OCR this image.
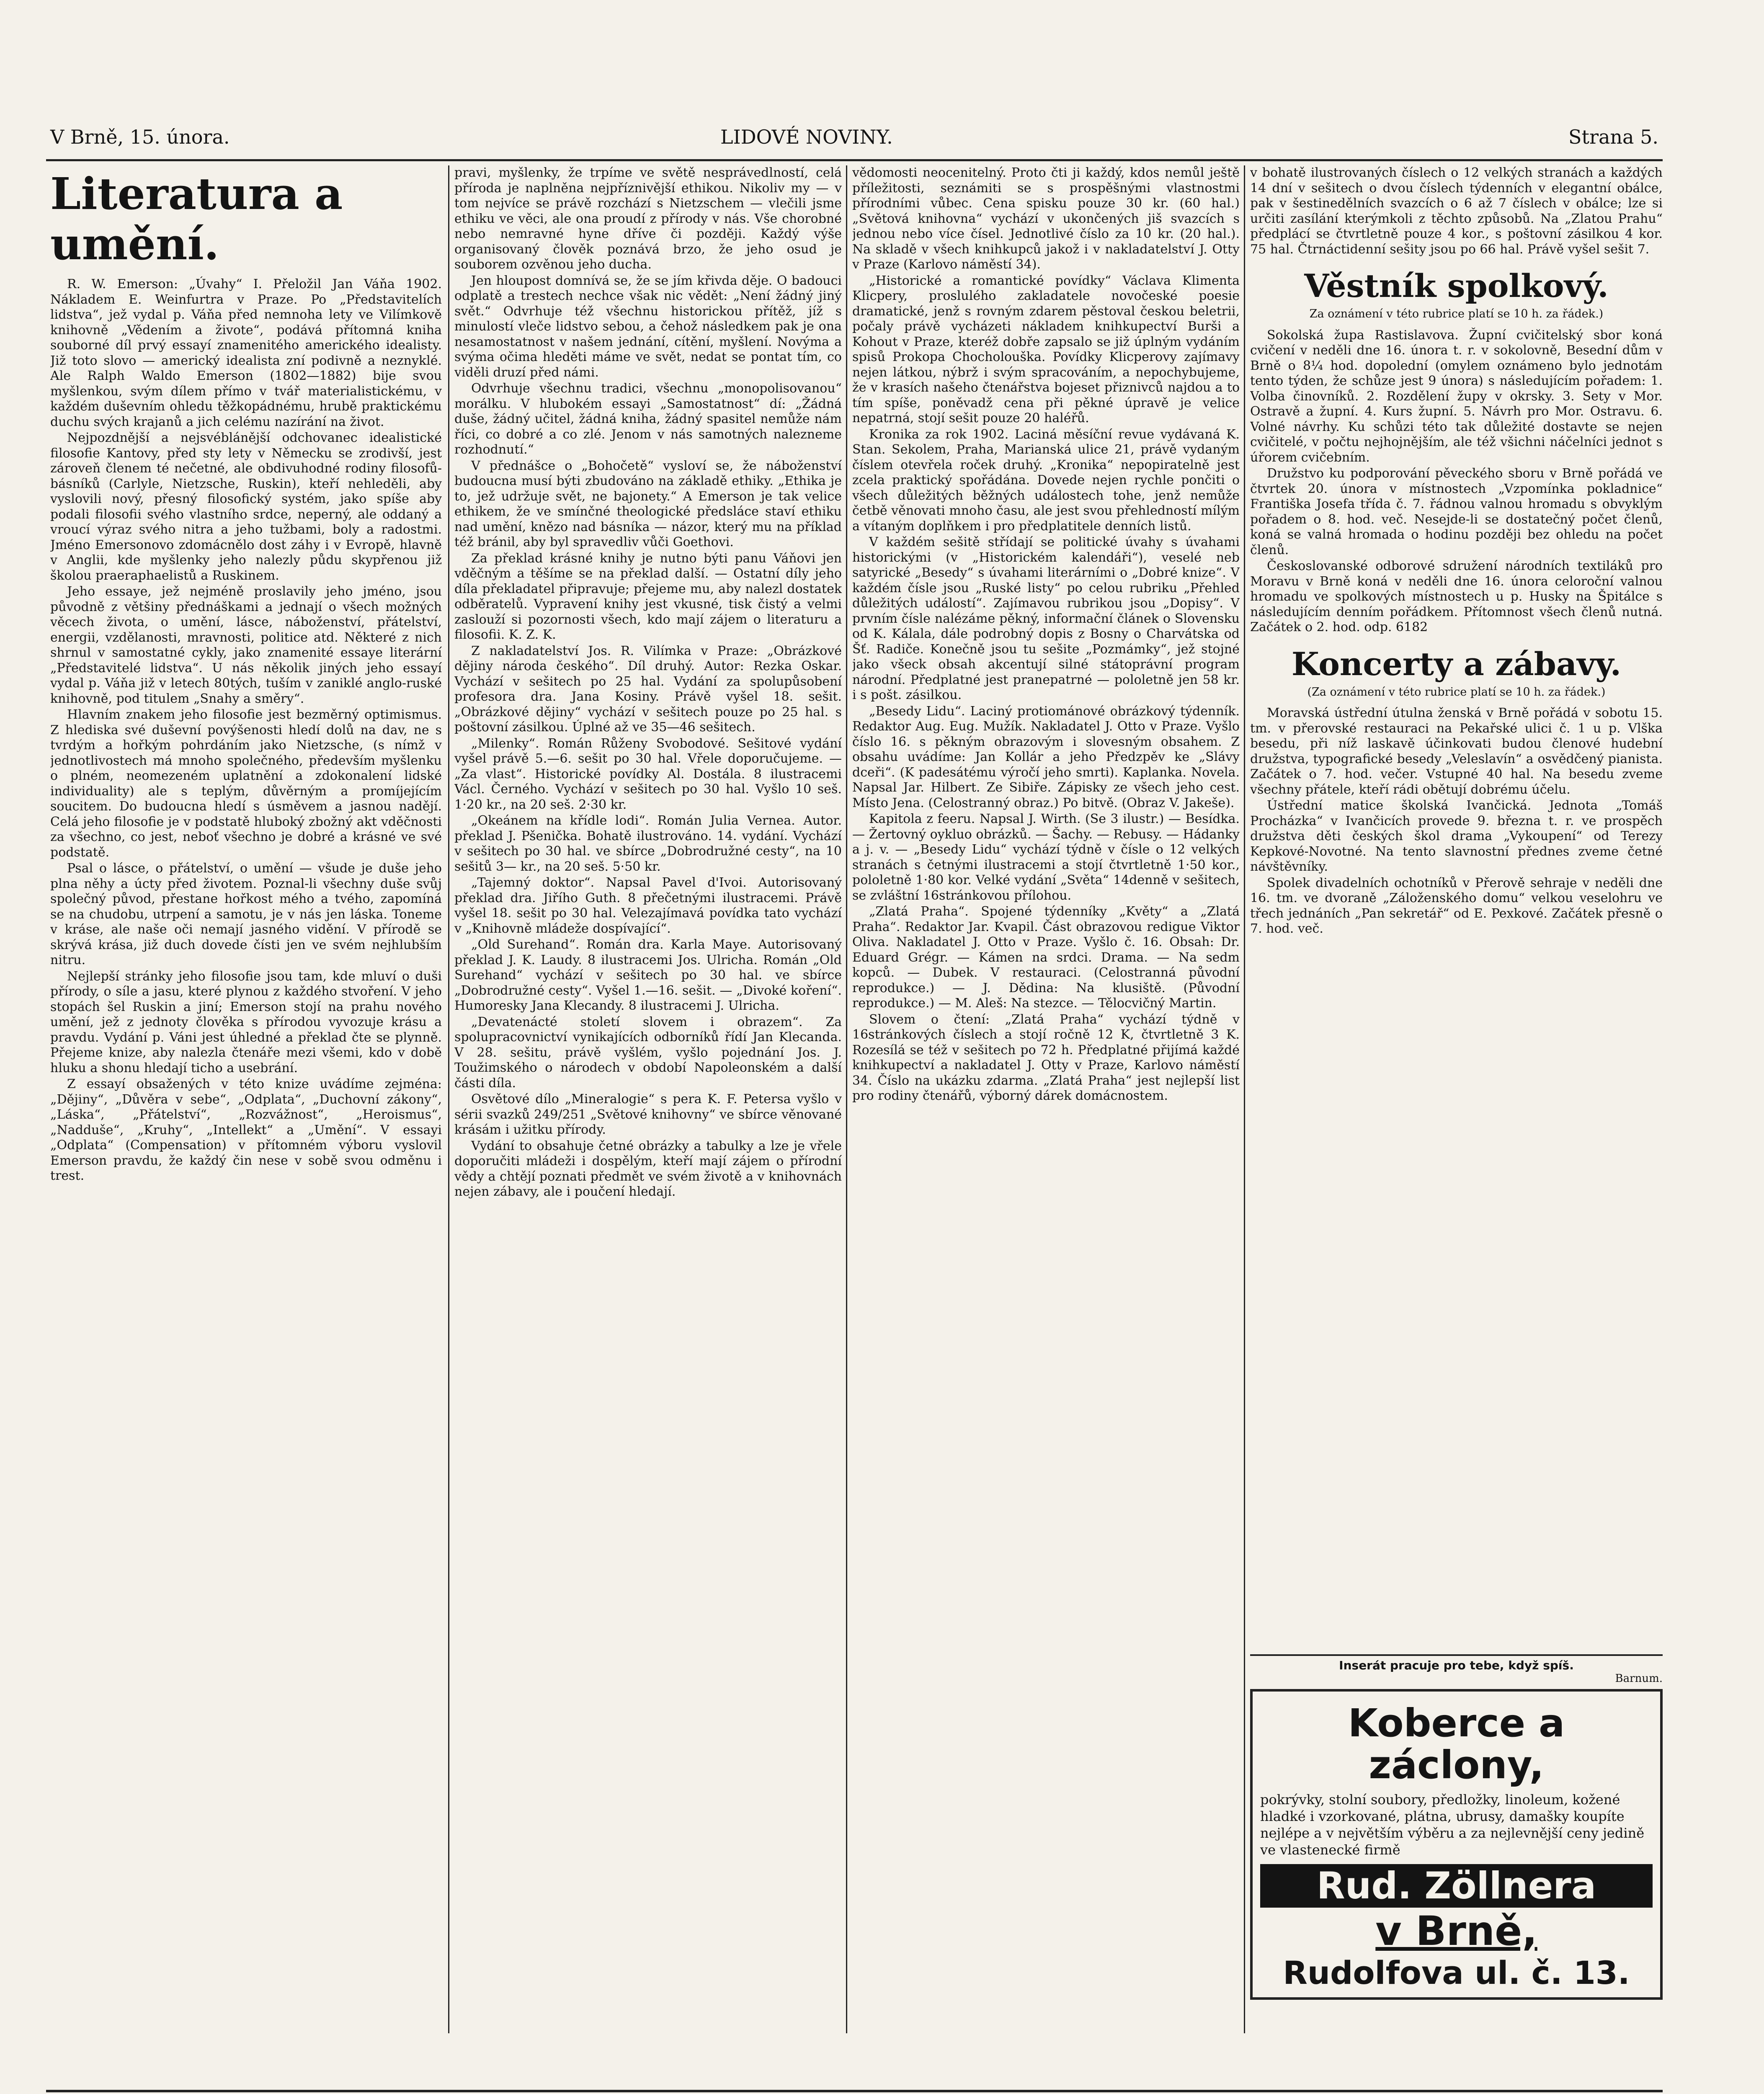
V Brně, 15. února.	LIDOVÉ NOVINY.	Strana 5.
Literatura a umění.

R. W. Emerson: „Úvahy“ I. Přeložil Jan Váňa 1902. Nákladem E. Weinfurtra v Praze. Po „Představitelích lidstva“, jež vydal p. Váňa před nemnoha lety ve Vilímkově knihovně „Vědením a živote“, podává přítomná kniha souborné díl prvý essayí znamenitého amerického idealisty. Již toto slovo — americký idealista zní podivně a neznyklé. Ale Ralph Waldo Emerson (1802—1882) bije svou myšlenkou, svým dílem přímo v tvář materialistickému, v každém duševním ohledu těžkopádnému, hrubě praktickému duchu svých krajanů a jich celému nazírání na život.

Nejpozdnější a nejsvéblánější odchovanec idealistické filosofie Kantovy, před sty lety v Německu se zrodivší, jest zároveň členem té nečetné, ale obdivuhodné rodiny filosofů-básníků (Carlyle, Nietzsche, Ruskin), kteří nehleděli, aby vyslovili nový, přesný filosofický systém, jako spíše aby podali filosofii svého vlastního srdce, neperný, ale oddaný a vroucí výraz svého nitra a jeho tužbami, boly a radostmi. Jméno Emersonovo zdomácnělo dost záhy i v Evropě, hlavně v Anglii, kde myšlenky jeho nalezly půdu skypřenou již školou praeraphaelistů a Ruskinem.

Jeho essaye, jež nejméně proslavily jeho jméno, jsou původně z většiny přednáškami a jednají o všech možných věcech života, o umění, lásce, náboženství, přátelství, energii, vzdělanosti, mravnosti, politice atd. Některé z nich shrnul v samostatné cykly, jako znamenité essaye literární „Představitelé lidstva“. U nás několik jiných jeho essayí vydal p. Váňa již v letech 80tých, tuším v zaniklé anglo-ruské knihovně, pod titulem „Snahy a směry“.

Hlavním znakem jeho filosofie jest bezměrný optimismus. Z hlediska své duševní povýšenosti hledí dolů na dav, ne s tvrdým a hořkým pohrdáním jako Nietzsche, (s nímž v jednotlivostech má mnoho společného, především myšlenku o plném, neomezeném uplatnění a zdokonalení lidské individuality) ale s teplým, důvěrným a promíjejícím soucitem. Do budoucna hledí s úsměvem a jasnou nadějí. Celá jeho filosofie je v podstatě hluboký zbožný akt vděčnosti za všechno, co jest, neboť všechno je dobré a krásné ve své podstatě.

Psal o lásce, o přátelství, o umění — všude je duše jeho plna něhy a úcty před životem. Poznal-li všechny duše svůj společný původ, přestane hořkost mého a tvého, zapomíná se na chudobu, utrpení a samotu, je v nás jen láska. Toneme v kráse, ale naše oči nemají jasného vidění. V přírodě se skrývá krása, již duch dovede čísti jen ve svém nejhlubším nitru.

Nejlepší stránky jeho filosofie jsou tam, kde mluví o duši přírody, o síle a jasu, které plynou z každého stvoření. V jeho stopách šel Ruskin a jiní; Emerson stojí na prahu nového umění, jež z jednoty člověka s přírodou vyvozuje krásu a pravdu. Vydání p. Váni jest úhledné a překlad čte se plynně. Přejeme knize, aby nalezla čtenáře mezi všemi, kdo v době hluku a shonu hledají ticho a usebrání.

Z essayí obsažených v této knize uvádíme zejména: „Dějiny“, „Důvěra v sebe“, „Odplata“, „Duchovní zákony“, „Láska“, „Přátelství“, „Rozvážnost“, „Heroismus“, „Nadduše“, „Kruhy“, „Intellekt“ a „Umění“. V essayi „Odplata“ (Compensation) v přítomném výboru vyslovil Emerson pravdu, že každý čin nese v sobě svou odměnu i trest.

pravi, myšlenky, že trpíme ve světě nesprávedlností, celá příroda je naplněna nejpříznivější ethikou. Nikoliv my — v tom nejvíce se právě rozchází s Nietzschem — vlečili jsme ethiku ve věci, ale ona proudí z přírody v nás. Vše chorobné nebo nemravné hyne dříve či později. Každý výše organisovaný člověk poznává brzo, že jeho osud je souborem ozvěnou jeho ducha.

Jen hloupost domnívá se, že se jím křivda děje. O badouci odplatě a trestech nechce však nic vědět: „Není žádný jiný svět.“ Odvrhuje též všechnu historickou přítěž, jíž s minulostí vleče lidstvo sebou, a čehož následkem pak je ona nesamostatnost v našem jednání, cítění, myšlení. Novýma a svýma očima hleděti máme ve svět, nedat se pontat tím, co viděli druzí před námi.

Odvrhuje všechnu tradici, všechnu „monopolisovanou“ morálku. V hlubokém essayi „Samostatnost“ dí: „Žádná duše, žádný učitel, žádná kniha, žádný spasitel nemůže nám říci, co dobré a co zlé. Jenom v nás samotných nalezneme rozhodnutí.“

V přednášce o „Bohočetě“ vysloví se, že náboženství budoucna musí býti zbudováno na základě ethiky. „Ethika je to, jež udržuje svět, ne bajonety.“ A Emerson je tak velice ethikem, že ve smínčné theologické předsláce staví ethiku nad umění, knězo nad básníka — názor, který mu na příklad též bránil, aby byl spravedliv vůči Goethovi.

Za překlad krásné knihy je nutno býti panu Váňovi jen vděčným a těšíme se na překlad další. — Ostatní díly jeho díla překladatel připravuje; přejeme mu, aby nalezl dostatek odběratelů. Vypravení knihy jest vkusné, tisk čistý a velmi zaslouží si pozornosti všech, kdo mají zájem o literaturu a filosofii. K. Z. K.

Z nakladatelství Jos. R. Vilímka v Praze: „Obrázkové dějiny národa českého“. Díl druhý. Autor: Rezka Oskar. Vychází v sešitech po 25 hal. Vydání za spolupůsobení profesora dra. Jana Kosiny. Právě vyšel 18. sešit. „Obrázkové dějiny“ vychází v sešitech pouze po 25 hal. s poštovní zásilkou. Úplné až ve 35—46 sešitech.

„Milenky“. Román Růženy Svobodové. Sešitové vydání vyšel právě 5.—6. sešit po 30 hal. Vřele doporučujeme. — „Za vlast“. Historické povídky Al. Dostála. 8 ilustracemi Václ. Černého. Vychází v sešitech po 30 hal. Vyšlo 10 seš. 1·20 kr., na 20 seš. 2·30 kr.

„Okeánem na křídle lodi“. Román Julia Vernea. Autor. překlad J. Pšenička. Bohatě ilustrováno. 14. vydání. Vychází v sešitech po 30 hal. ve sbírce „Dobrodružné cesty“, na 10 sešitů 3— kr., na 20 seš. 5·50 kr.

„Tajemný doktor“. Napsal Pavel d'Ivoi. Autorisovaný překlad dra. Jiřího Guth. 8 přečetnými ilustracemi. Právě vyšel 18. sešit po 30 hal. Velezajímavá povídka tato vychází v „Knihovně mládeže dospívající“.

„Old Surehand“. Román dra. Karla Maye. Autorisovaný překlad J. K. Laudy. 8 ilustracemi Jos. Ulricha. Román „Old Surehand“ vychází v sešitech po 30 hal. ve sbírce „Dobrodružné cesty“. Vyšel 1.—16. sešit. — „Divoké koření“. Humoresky Jana Klecandy. 8 ilustracemi J. Ulricha.

„Devatenácté století slovem i obrazem“. Za spolupracovnictví vynikajících odborníků řídí Jan Klecanda. V 28. sešitu, právě vyšlém, vyšlo pojednání Jos. J. Toužimského o národech v období Napoleonském a další části díla.

Osvětové dílo „Mineralogie“ s pera K. F. Petersa vyšlo v sérii svazků 249/251 „Světové knihovny“ ve sbírce věnované krásám i užitku přírody.

Vydání to obsahuje četné obrázky a tabulky a lze je vřele doporučiti mládeži i dospělým, kteří mají zájem o přírodní vědy a chtějí poznati předmět ve svém životě a v knihovnách nejen zábavy, ale i poučení hledají.

vědomosti neocenitelný. Proto čti ji každý, kdos nemůl ještě příležitosti, seznámiti se s prospěšnými vlastnostmi přírodními vůbec. Cena spisku pouze 30 kr. (60 hal.) „Světová knihovna“ vychází v ukončených jiš svazcích s jednou nebo více čísel. Jednotlivé číslo za 10 kr. (20 hal.). Na skladě v všech knihkupců jakož i v nakladatelství J. Otty v Praze (Karlovo náměstí 34).

„Historické a romantické povídky“ Václava Klimenta Klicpery, proslulého zakladatele novočeské poesie dramatické, jenž s rovným zdarem pěstoval českou beletrii, počaly právě vycházeti nákladem knihkupectví Burši a Kohout v Praze, kteréž dobře zapsalo se již úplným vydáním spisů Prokopa Chocholouška. Povídky Klicperovy zajímavy nejen látkou, nýbrž i svým spracováním, a nepochybujeme, že v krasích našeho čtenářstva bojeset přiznivců najdou a to tím spíše, poněvadž cena při pěkné úpravě je velice nepatrná, stojí sešit pouze 20 haléřů.

Kronika za rok 1902. Laciná měsíční revue vydávaná K. Stan. Sekolem, Praha, Marianská ulice 21, právě vydaným číslem otevřela roček druhý. „Kronika“ nepopiratelně jest zcela praktický spořádána. Dovede nejen rychle pončiti o všech důležitých běžných událostech tohe, jenž nemůže četbě věnovati mnoho času, ale jest svou přehledností mílým a vítaným doplňkem i pro předplatitele denních listů.

V každém sešitě střídají se politické úvahy s úvahami historickými (v „Historickém kalendáři“), veselé neb satyrické „Besedy“ s úvahami literárními o „Dobré knize“. V každém čísle jsou „Ruské listy“ po celou rubriku „Přehled důležitých událostí“. Zajímavou rubrikou jsou „Dopisy“. V prvním čísle nalézáme pěkný, informační článek o Slovensku od K. Kálala, dále podrobný dopis z Bosny o Charvátska od Šť. Radiče. Konečně jsou tu sešite „Pozmámky“, jež stojné jako všeck obsah akcentují silné státoprávní program národní. Předplatné jest pranepatrné — pololetně jen 58 kr. i s pošt. zásilkou.

„Besedy Lidu“. Laciný protiománové obrázkový týdenník. Redaktor Aug. Eug. Mužík. Nakladatel J. Otto v Praze. Vyšlo číslo 16. s pěkným obrazovým i slovesným obsahem. Z obsahu uvádíme: Jan Kollár a jeho Předzpěv ke „Slávy dceři“. (K padesátému výročí jeho smrti). Kaplanka. Novela. Napsal Jar. Hilbert. Ze Sibiře. Zápisky ze všech jeho cest. Místo Jena. (Celostranný obraz.) Po bitvě. (Obraz V. Jakeše).

Kapitola z feeru. Napsal J. Wirth. (Se 3 ilustr.) — Besídka. — Žertovný oykluo obrázků. — Šachy. — Rebusy. — Hádanky a j. v. — „Besedy Lidu“ vychází týdně v čísle o 12 velkých stranách s četnými ilustracemi a stojí čtvrtletně 1·50 kor., pololetně 1·80 kor. Velké vydání „Světa“ 14denně v sešitech, se zvláštní 16stránkovou přílohou.

„Zlatá Praha“. Spojené týdenníky „Květy“ a „Zlatá Praha“. Redaktor Jar. Kvapil. Část obrazovou redigue Viktor Oliva. Nakladatel J. Otto v Praze. Vyšlo č. 16. Obsah: Dr. Eduard Grégr. — Kámen na srdci. Drama. — Na sedm kopců. — Dubek. V restauraci. (Celostranná původní reprodukce.) — J. Dědina: Na klusiště. (Původní reprodukce.) — M. Aleš: Na stezce. — Tělocvičný Martin.

Slovem o čtení: „Zlatá Praha“ vychází týdně v 16stránkových číslech a stojí ročně 12 K, čtvrtletně 3 K. Rozesílá se též v sešitech po 72 h. Předplatné přijímá každé knihkupectví a nakladatel J. Otty v Praze, Karlovo náměstí 34. Číslo na ukázku zdarma. „Zlatá Praha“ jest nejlepší list pro rodiny čtenářů, výborný dárek domácnostem.

v bohatě ilustrovaných číslech o 12 velkých stranách a každých 14 dní v sešitech o dvou číslech týdenních v elegantní obálce, pak v šestinedělních svazcích o 6 až 7 číslech v obálce; lze si určiti zasílání kterýmkoli z těchto způsobů. Na „Zlatou Prahu“ předplácí se čtvrtletně pouze 4 kor., s poštovní zásilkou 4 kor. 75 hal. Čtrnáctidenní sešity jsou po 66 hal. Právě vyšel sešit 7.

Věstník spolkový.
Za oznámení v této rubrice platí se 10 h. za řádek.)

Sokolská župa Rastislavova. Župní cvičitelský sbor koná cvičení v neděli dne 16. února t. r. v sokolovně, Besední dům v Brně o 8¼ hod. dopolední (omylem oznámeno bylo jednotám tento týden, že schůze jest 9 února) s následujícím pořadem: 1. Volba činovníků. 2. Rozdělení župy v okrsky. 3. Sety v Mor. Ostravě a župní. 4. Kurs župní. 5. Návrh pro Mor. Ostravu. 6. Volné návrhy. Ku schůzi této tak důležité dostavte se nejen cvičitelé, v počtu nejhojnějším, ale též všichni náčelníci jednot s úřorem cvičebním.

Družstvo ku podporování pěveckého sboru v Brně pořádá ve čtvrtek 20. února v místnostech „Vzpomínka pokladnice“ Františka Josefa třída č. 7. řádnou valnou hromadu s obvyklým pořadem o 8. hod. več. Nesejde-li se dostatečný počet členů, koná se valná hromada o hodinu později bez ohledu na počet členů.

Českoslovanské odborové sdružení národních textiláků pro Moravu v Brně koná v neděli dne 16. února celoroční valnou hromadu ve spolkových místnostech u p. Husky na Špitálce s následujícím denním pořádkem. Přítomnost všech členů nutná. Začátek o 2. hod. odp. 6182

Koncerty a zábavy.
(Za oznámení v této rubrice platí se 10 h. za řádek.)

Moravská ústřední útulna ženská v Brně pořádá v sobotu 15. tm. v přerovské restauraci na Pekařské ulici č. 1 u p. Vlška besedu, při níž laskavě účinkovati budou členové hudební družstva, typografické besedy „Veleslavín“ a osvědčený pianista. Začátek o 7. hod. večer. Vstupné 40 hal. Na besedu zveme všechny přátele, kteří rádi obětují dobrému účelu.

Ústřední matice školská Ivančická. Jednota „Tomáš Procházka“ v Ivančicích provede 9. března t. r. ve prospěch družstva děti českých škol drama „Vykoupení“ od Terezy Kepkové-Novotné. Na tento slavnostní přednes zveme četné návštěvníky.

Spolek divadelních ochotníků v Přerově sehraje v neděli dne 16. tm. ve dvoraně „Záloženského domu“ velkou veselohru ve třech jednáních „Pan sekretář“ od E. Pexkové. Začátek přesně o 7. hod. več.

Inserát pracuje pro tebe, když spíš.
Barnum.
6164
Koberce a záclony,
pokrývky, stolní soubory, předložky, linoleum, kožené hladké i vzorkované, plátna, ubrusy, damašky koupíte nejlépe a v největším výběru a za nejlevnější ceny jedině ve vlastenecké firmě
Rud. Zöllnera
v Brně,
Rudolfova ul. č. 13.
